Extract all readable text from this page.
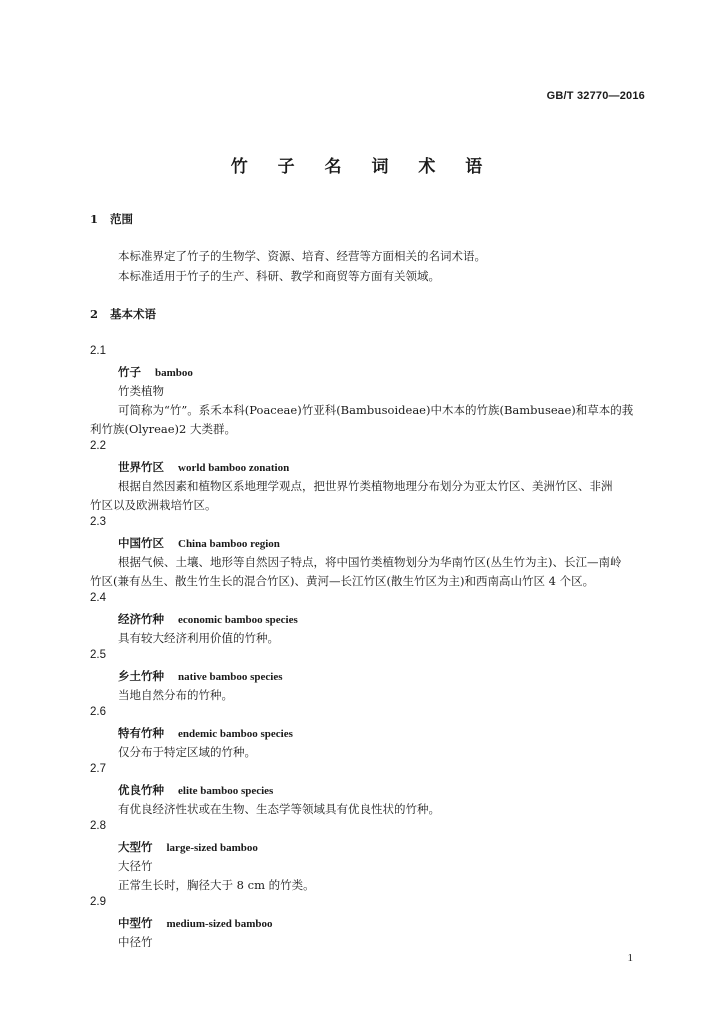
GB/T 32770—2016
竹 子 名 词 术 语
1 范围
本标准界定了竹子的生物学、资源、培育、经营等方面相关的名词术语。
本标准适用于竹子的生产、科研、教学和商贸等方面有关领域。
2 基本术语
2.1
竹子 bamboo
竹类植物
可简称为“竹”。系禾本科(Poaceae)竹亚科(Bambusoideae)中木本的竹族(Bambuseae)和草本的莪
利竹族(Olyreae)2 大类群。
2.2
世界竹区 world bamboo zonation
根据自然因素和植物区系地理学观点，把世界竹类植物地理分布划分为亚太竹区、美洲竹区、非洲
竹区以及欧洲栽培竹区。
2.3
中国竹区 China bamboo region
根据气候、土壤、地形等自然因子特点，将中国竹类植物划分为华南竹区(丛生竹为主)、长江—南岭
竹区(兼有丛生、散生竹生长的混合竹区)、黄河—长江竹区(散生竹区为主)和西南高山竹区 4 个区。
2.4
经济竹种 economic bamboo species
具有较大经济利用价值的竹种。
2.5
乡土竹种 native bamboo species
当地自然分布的竹种。
2.6
特有竹种 endemic bamboo species
仅分布于特定区域的竹种。
2.7
优良竹种 elite bamboo species
有优良经济性状或在生物、生态学等领域具有优良性状的竹种。
2.8
大型竹 large-sized bamboo
大径竹
正常生长时，胸径大于 8 cm 的竹类。
2.9
中型竹 medium-sized bamboo
中径竹
1
